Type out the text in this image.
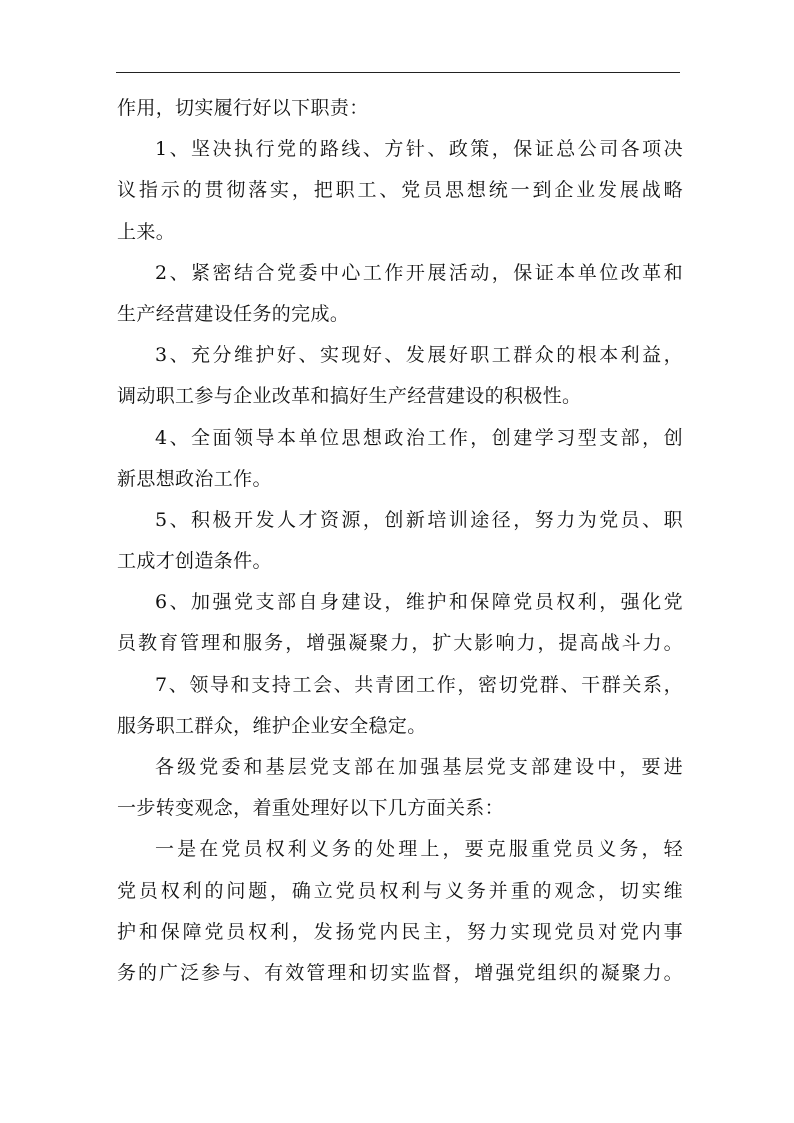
作用，切实履行好以下职责：
1、坚决执行党的路线、方针、政策，保证总公司各项决
议指示的贯彻落实，把职工、党员思想统一到企业发展战略
上来。
2、紧密结合党委中心工作开展活动，保证本单位改革和
生产经营建设任务的完成。
3、充分维护好、实现好、发展好职工群众的根本利益，
调动职工参与企业改革和搞好生产经营建设的积极性。
4、全面领导本单位思想政治工作，创建学习型支部，创
新思想政治工作。
5、积极开发人才资源，创新培训途径，努力为党员、职
工成才创造条件。
6、加强党支部自身建设，维护和保障党员权利，强化党
员教育管理和服务，增强凝聚力，扩大影响力，提高战斗力。
7、领导和支持工会、共青团工作，密切党群、干群关系，
服务职工群众，维护企业安全稳定。
各级党委和基层党支部在加强基层党支部建设中，要进
一步转变观念，着重处理好以下几方面关系：
一是在党员权利义务的处理上，要克服重党员义务，轻
党员权利的问题，确立党员权利与义务并重的观念，切实维
护和保障党员权利，发扬党内民主，努力实现党员对党内事
务的广泛参与、有效管理和切实监督，增强党组织的凝聚力。
